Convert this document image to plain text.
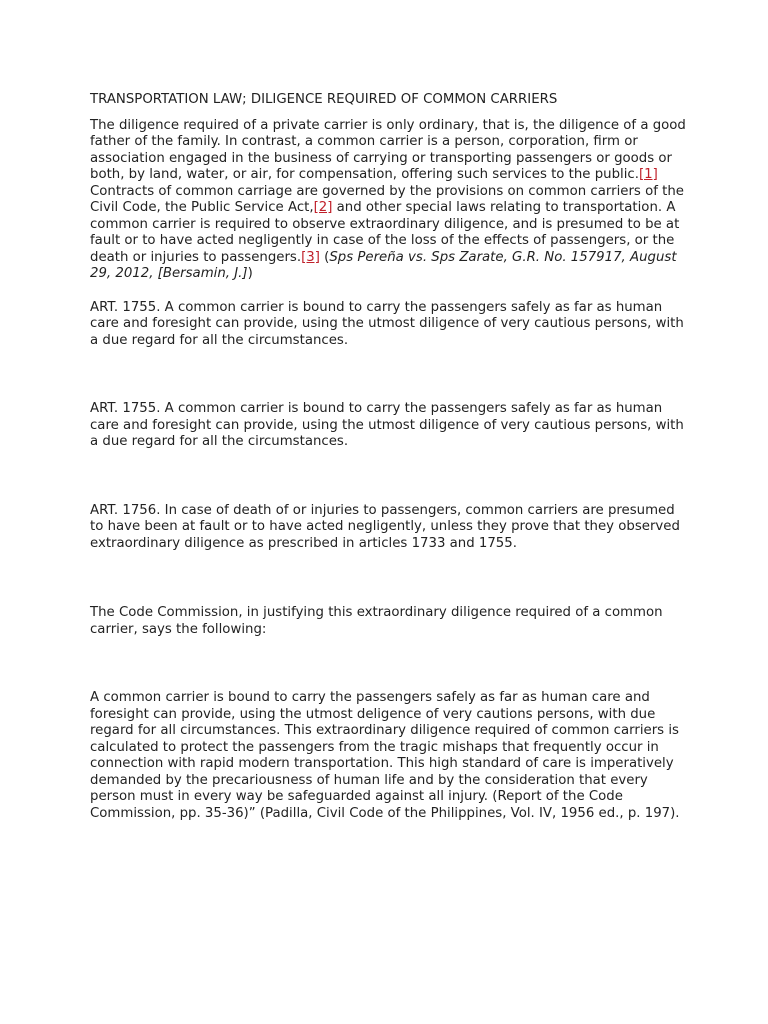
TRANSPORTATION LAW; DILIGENCE REQUIRED OF COMMON CARRIERS

The diligence required of a private carrier is only ordinary, that is, the diligence of a good father of the family. In contrast, a common carrier is a person, corporation, firm or association engaged in the business of carrying or transporting passengers or goods or both, by land, water, or air, for compensation, offering such services to the public.[1] Contracts of common carriage are governed by the provisions on common carriers of the Civil Code, the Public Service Act,[2] and other special laws relating to transportation. A common carrier is required to observe extraordinary diligence, and is presumed to be at fault or to have acted negligently in case of the loss of the effects of passengers, or the death or injuries to passengers.[3] (Sps Pereña vs. Sps Zarate, G.R. No. 157917, August 29, 2012, [Bersamin, J.])

ART. 1755. A common carrier is bound to carry the passengers safely as far as human care and foresight can provide, using the utmost diligence of very cautious persons, with a due regard for all the circumstances.

ART. 1755. A common carrier is bound to carry the passengers safely as far as human care and foresight can provide, using the utmost diligence of very cautious persons, with a due regard for all the circumstances.

ART. 1756. In case of death of or injuries to passengers, common carriers are presumed to have been at fault or to have acted negligently, unless they prove that they observed extraordinary diligence as prescribed in articles 1733 and 1755.

The Code Commission, in justifying this extraordinary diligence required of a common carrier, says the following:

A common carrier is bound to carry the passengers safely as far as human care and foresight can provide, using the utmost deligence of very cautions persons, with due regard for all circumstances. This extraordinary diligence required of common carriers is calculated to protect the passengers from the tragic mishaps that frequently occur in connection with rapid modern transportation. This high standard of care is imperatively demanded by the precariousness of human life and by the consideration that every person must in every way be safeguarded against all injury. (Report of the Code Commission, pp. 35-36)” (Padilla, Civil Code of the Philippines, Vol. IV, 1956 ed., p. 197).
